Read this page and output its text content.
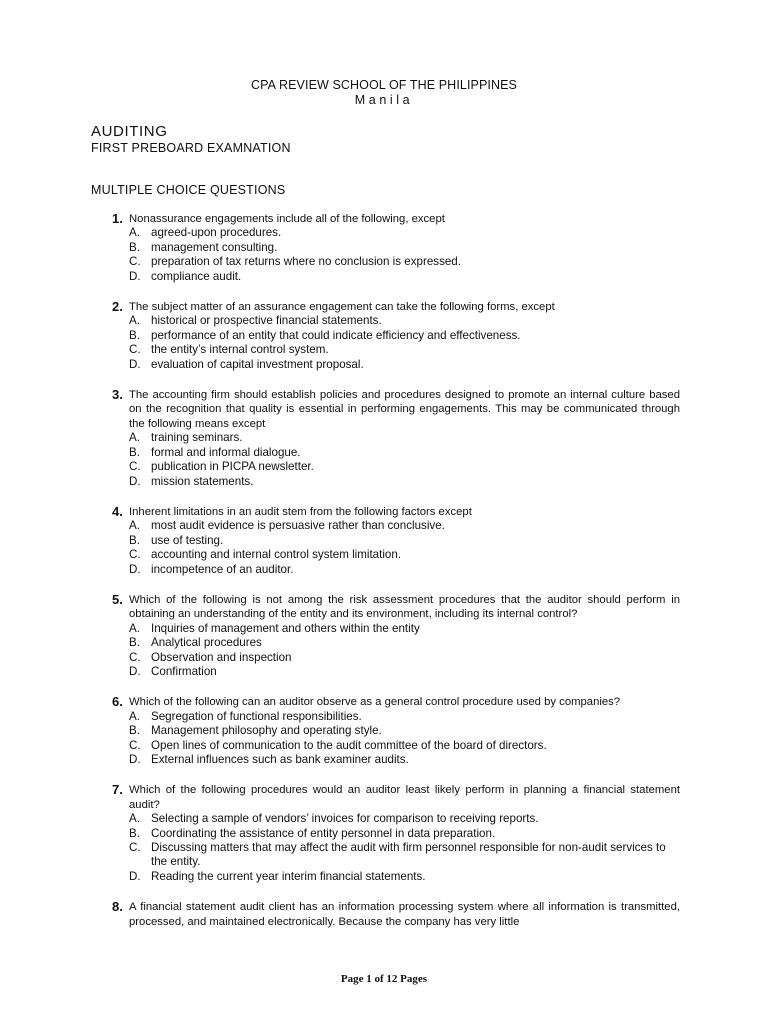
CPA REVIEW SCHOOL OF THE PHILIPPINES
Manila
AUDITING
FIRST PREBOARD EXAMNATION
MULTIPLE CHOICE QUESTIONS
1. Nonassurance engagements include all of the following, except
A. agreed-upon procedures.
B. management consulting.
C. preparation of tax returns where no conclusion is expressed.
D. compliance audit.
2. The subject matter of an assurance engagement can take the following forms, except
A. historical or prospective financial statements.
B. performance of an entity that could indicate efficiency and effectiveness.
C. the entity’s internal control system.
D. evaluation of capital investment proposal.
3. The accounting firm should establish policies and procedures designed to promote an internal culture based on the recognition that quality is essential in performing engagements. This may be communicated through the following means except
A. training seminars.
B. formal and informal dialogue.
C. publication in PICPA newsletter.
D. mission statements.
4. Inherent limitations in an audit stem from the following factors except
A. most audit evidence is persuasive rather than conclusive.
B. use of testing.
C. accounting and internal control system limitation.
D. incompetence of an auditor.
5. Which of the following is not among the risk assessment procedures that the auditor should perform in obtaining an understanding of the entity and its environment, including its internal control?
A. Inquiries of management and others within the entity
B. Analytical procedures
C. Observation and inspection
D. Confirmation
6. Which of the following can an auditor observe as a general control procedure used by companies?
A. Segregation of functional responsibilities.
B. Management philosophy and operating style.
C. Open lines of communication to the audit committee of the board of directors.
D. External influences such as bank examiner audits.
7. Which of the following procedures would an auditor least likely perform in planning a financial statement audit?
A. Selecting a sample of vendors’ invoices for comparison to receiving reports.
B. Coordinating the assistance of entity personnel in data preparation.
C. Discussing matters that may affect the audit with firm personnel responsible for non-audit services to the entity.
D. Reading the current year interim financial statements.
8. A financial statement audit client has an information processing system where all information is transmitted, processed, and maintained electronically. Because the company has very little
Page 1 of 12 Pages
